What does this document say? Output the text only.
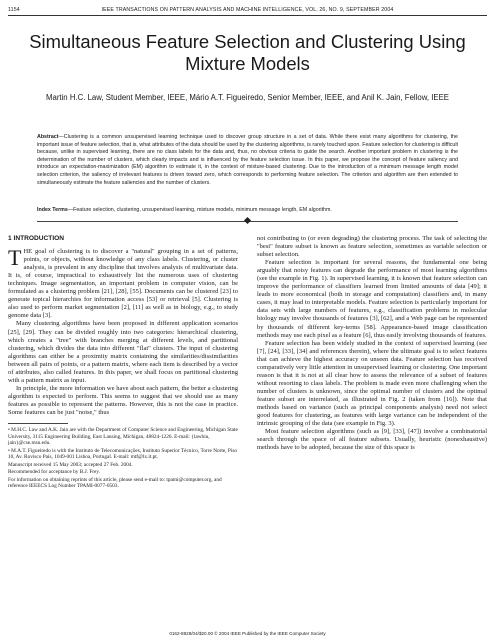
1154	IEEE TRANSACTIONS ON PATTERN ANALYSIS AND MACHINE INTELLIGENCE, VOL. 26, NO. 9, SEPTEMBER 2004
Simultaneous Feature Selection and Clustering Using Mixture Models
Martin H.C. Law, Student Member, IEEE, Mário A.T. Figueiredo, Senior Member, IEEE, and Anil K. Jain, Fellow, IEEE
Abstract—Clustering is a common unsupervised learning technique used to discover group structure in a set of data. While there exist many algorithms for clustering, the important issue of feature selection, that is, what attributes of the data should be used by the clustering algorithms, is rarely touched upon. Feature selection for clustering is difficult because, unlike in supervised learning, there are no class labels for the data and, thus, no obvious criteria to guide the search. Another important problem in clustering is the determination of the number of clusters, which clearly impacts and is influenced by the feature selection issue. In this paper, we propose the concept of feature saliency and introduce an expectation-maximization (EM) algorithm to estimate it, in the context of mixture-based clustering. Due to the introduction of a minimum message length model selection criterion, the saliency of irrelevant features is driven toward zero, which corresponds to performing feature selection. The criterion and algorithm are then extended to simultaneously estimate the feature saliencies and the number of clusters.
Index Terms—Feature selection, clustering, unsupervised learning, mixture models, minimum message length, EM algorithm.
1 INTRODUCTION

THE goal of clustering is to discover a "natural" grouping in a set of patterns, points, or objects, without knowledge of any class labels. Clustering, or cluster analysis, is prevalent in any discipline that involves analysis of multivariate data. It is, of course, impractical to exhaustively list the numerous uses of clustering techniques. Image segmentation, an important problem in computer vision, can be formulated as a clustering problem [21], [28], [55]. Documents can be clustered [23] to generate topical hierarchies for information access [53] or retrieval [5]. Clustering is also used to perform market segmentation [2], [11] as well as in biology, e.g., to study genome data [3].

Many clustering algorithms have been proposed in different application scenarios [25], [29]. They can be divided roughly into two categories: hierarchical clustering, which creates a "tree" with branches merging at different levels, and partitional clustering, which divides the data into different "flat" clusters. The input of clustering algorithms can either be a proximity matrix containing the similarities/dissimilarities between all pairs of points, or a pattern matrix, where each item is described by a vector of attributes, also called features. In this paper, we shall focus on partitional clustering with a pattern matrix as input.

In principle, the more information we have about each pattern, the better a clustering algorithm is expected to perform. This seems to suggest that we should use as many features as possible to represent the patterns. However, this is not the case in practice. Some features can be just "noise," thus

• M.H.C. Law and A.K. Jain are with the Department of Computer Science and Engineering, Michigan State University, 3115 Engineering Building, East Lansing, Michigan, 48824-1226. E-mail: {lawhiu, jain}@cse.msu.edu.

• M.A.T. Figueiredo is with the Instituto de Telecomunicações, Instituto Superior Técnico, Torre Norte, Piso 10, Av. Rovisco Pais, 1049-001 Lisboa, Portugal. E-mail: mtf@lx.it.pt.

Manuscript received 15 May 2003; accepted 27 Feb. 2004.

Recommended for acceptance by B.J. Frey.

For information on obtaining reprints of this article, please send e-mail to: tpami@computer.org, and reference IEEECS Log Number TPAMI-0077-0503.

not contributing to (or even degrading) the clustering process. The task of selecting the "best" feature subset is known as feature selection, sometimes as variable selection or subset selection.

Feature selection is important for several reasons, the fundamental one being arguably that noisy features can degrade the performance of most learning algorithms (see the example in Fig. 1). In supervised learning, it is known that feature selection can improve the performance of classifiers learned from limited amounts of data [49]; it leads to more economical (both in storage and computation) classifiers and, in many cases, it may lead to interpretable models. Feature selection is particularly important for data sets with large numbers of features, e.g., classification problems in molecular biology may involve thousands of features [3], [62], and a Web page can be represented by thousands of different key-terms [58]. Appearance-based image classification methods may use each pixel as a feature [6], thus easily involving thousands of features.

Feature selection has been widely studied in the context of supervised learning (see [7], [24], [33], [34] and references therein), where the ultimate goal is to select features that can achieve the highest accuracy on unseen data. Feature selection has received comparatively very little attention in unsupervised learning or clustering. One important reason is that it is not at all clear how to assess the relevance of a subset of features without resorting to class labels. The problem is made even more challenging when the number of clusters is unknown, since the optimal number of clusters and the optimal feature subset are interrelated, as illustrated in Fig. 2 (taken from [16]). Note that methods based on variance (such as principal components analysis) need not select good features for clustering, as features with large variance can be independent of the intrinsic grouping of the data (see example in Fig. 3).

Most feature selection algorithms (such as [9], [33], [47]) involve a combinatorial search through the space of all feature subsets. Usually, heuristic (nonexhaustive) methods have to be adopted, because the size of this space is

0162-8828/04/$20.00 © 2004 IEEE Published by the IEEE Computer Society
